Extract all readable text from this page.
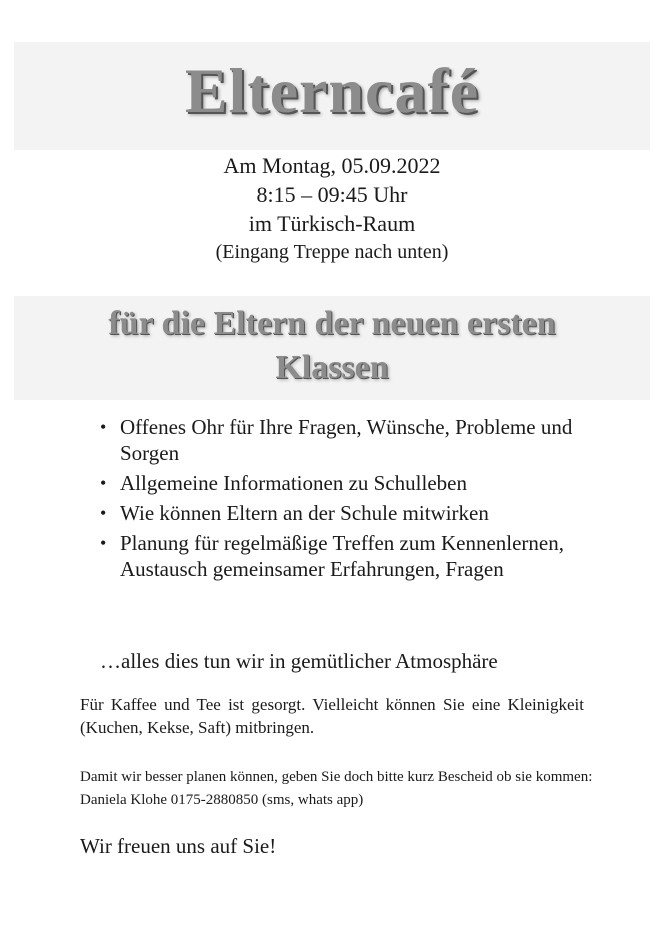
Elterncafé
Am Montag, 05.09.2022
8:15 – 09:45 Uhr
im Türkisch-Raum
(Eingang Treppe nach unten)
für die Eltern der neuen ersten
Klassen
• Offenes Ohr für Ihre Fragen, Wünsche, Probleme und Sorgen
• Allgemeine Informationen zu Schulleben
• Wie können Eltern an der Schule mitwirken
• Planung für regelmäßige Treffen zum Kennenlernen, Austausch gemeinsamer Erfahrungen, Fragen
…alles dies tun wir in gemütlicher Atmosphäre
Für Kaffee und Tee ist gesorgt. Vielleicht können Sie eine Kleinigkeit (Kuchen, Kekse, Saft) mitbringen.
Damit wir besser planen können, geben Sie doch bitte kurz Bescheid ob sie kommen: Daniela Klohe 0175-2880850 (sms, whats app)
Wir freuen uns auf Sie!
